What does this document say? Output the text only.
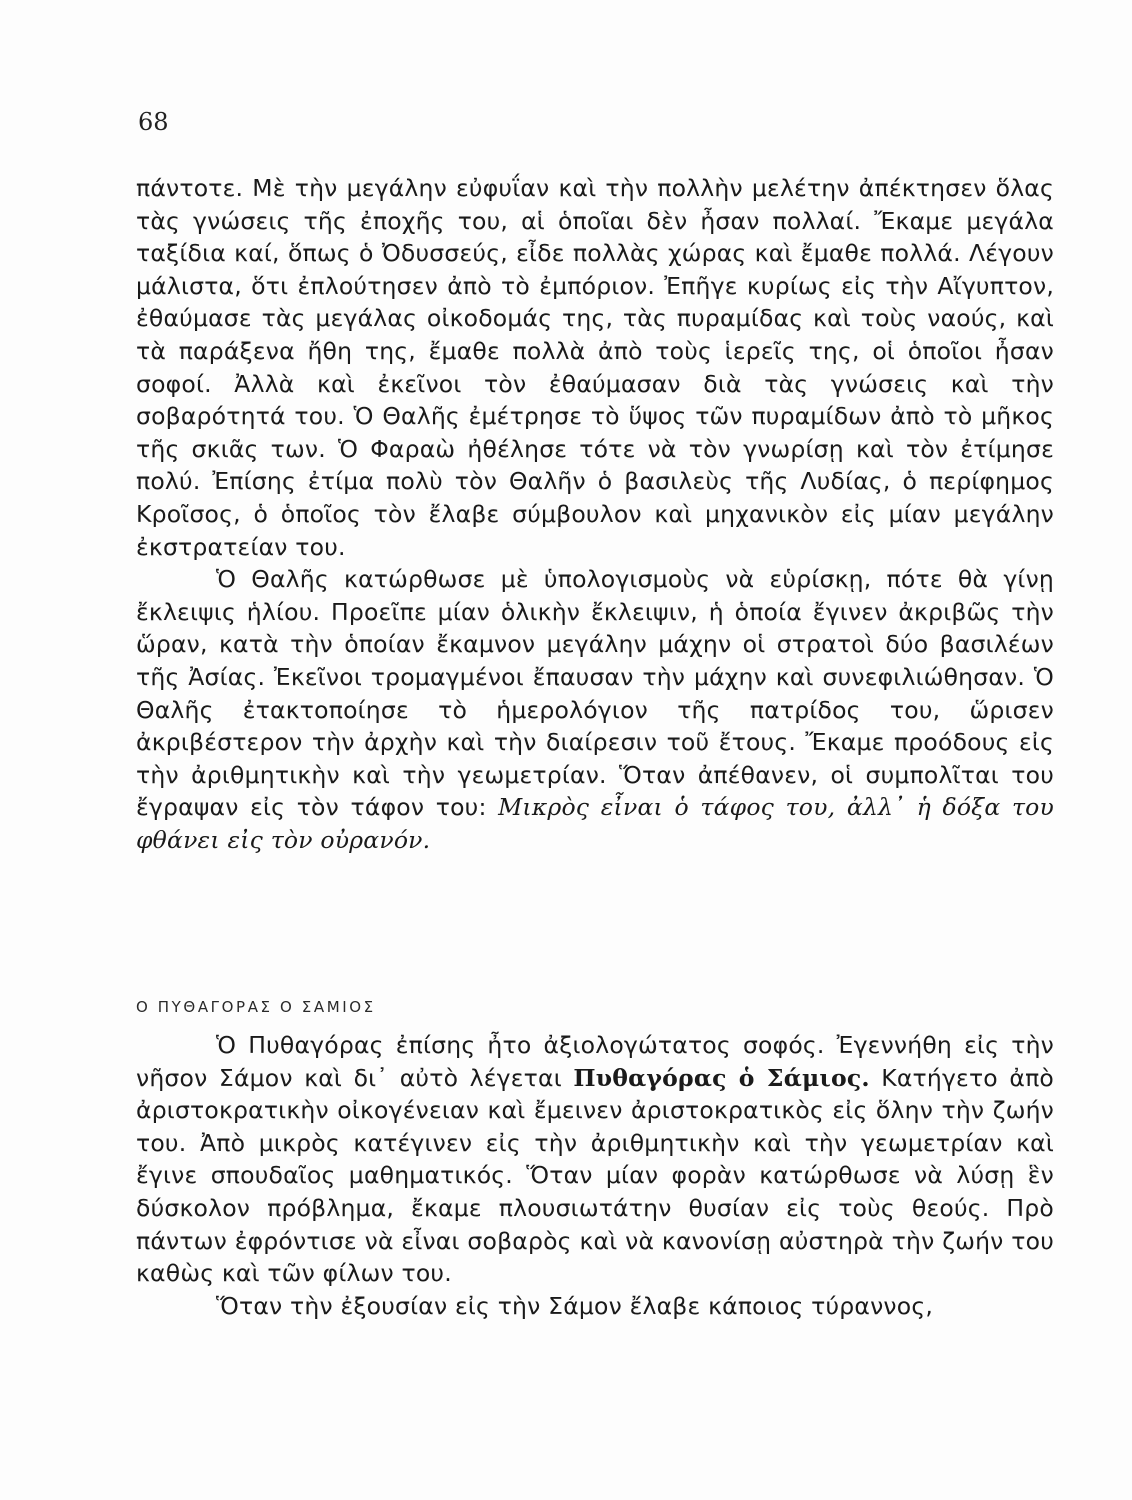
68

πάντοτε. Μὲ τὴν μεγάλην εὐφυΐαν καὶ τὴν πολλὴν μελέτην ἀπέκτησεν ὅλας τὰς γνώσεις τῆς ἐποχῆς του, αἱ ὁποῖαι δὲν ἦσαν πολλαί. Ἔκαμε μεγάλα ταξίδια καί, ὅπως ὁ Ὀδυσσεύς, εἶδε πολλὰς χώρας καὶ ἔμαθε πολλά. Λέγουν μάλιστα, ὅτι ἐπλούτησεν ἀπὸ τὸ ἐμπόριον. Ἐπῆγε κυρίως εἰς τὴν Αἴγυπτον, ἐθαύμασε τὰς μεγάλας οἰκοδομάς της, τὰς πυραμίδας καὶ τοὺς ναούς, καὶ τὰ παράξενα ἤθη της, ἔμαθε πολλὰ ἀπὸ τοὺς ἱερεῖς της, οἱ ὁποῖοι ἦσαν σοφοί. Ἀλλὰ καὶ ἐκεῖνοι τὸν ἐθαύμασαν διὰ τὰς γνώσεις καὶ τὴν σοβαρότητά του. Ὁ Θαλῆς ἐμέτρησε τὸ ὕψος τῶν πυραμίδων ἀπὸ τὸ μῆκος τῆς σκιᾶς των. Ὁ Φαραὼ ἠθέλησε τότε νὰ τὸν γνωρίσῃ καὶ τὸν ἐτίμησε πολύ. Ἐπίσης ἐτίμα πολὺ τὸν Θαλῆν ὁ βασιλεὺς τῆς Λυδίας, ὁ περίφημος Κροῖσος, ὁ ὁποῖος τὸν ἔλαβε σύμβουλον καὶ μηχανικὸν εἰς μίαν μεγάλην ἐκστρατείαν του.

Ὁ Θαλῆς κατώρθωσε μὲ ὑπολογισμοὺς νὰ εὑρίσκῃ, πότε θὰ γίνῃ ἔκλειψις ἡλίου. Προεῖπε μίαν ὁλικὴν ἔκλειψιν, ἡ ὁποία ἔγινεν ἀκριβῶς τὴν ὥραν, κατὰ τὴν ὁποίαν ἔκαμνον μεγάλην μάχην οἱ στρατοὶ δύο βασιλέων τῆς Ἀσίας. Ἐκεῖνοι τρομαγμένοι ἔπαυσαν τὴν μάχην καὶ συνεφιλιώθησαν. Ὁ Θαλῆς ἐτακτοποίησε τὸ ἡμερολόγιον τῆς πατρίδος του, ὥρισεν ἀκριβέστερον τὴν ἀρχὴν καὶ τὴν διαίρεσιν τοῦ ἔτους. Ἔκαμε προόδους εἰς τὴν ἀριθμητικὴν καὶ τὴν γεωμετρίαν. Ὅταν ἀπέθανεν, οἱ συμπολῖται του ἔγραψαν εἰς τὸν τάφον του: Μικρὸς εἶναι ὁ τάφος του, ἀλλ᾽ ἡ δόξα του φθάνει εἰς τὸν οὐρανόν.

Ο ΠΥΘΑΓΟΡΑΣ Ο ΣΑΜΙΟΣ

Ὁ Πυθαγόρας ἐπίσης ἦτο ἀξιολογώτατος σοφός. Ἐγεννήθη εἰς τὴν νῆσον Σάμον καὶ δι᾽ αὐτὸ λέγεται Πυθαγόρας ὁ Σάμιος. Κατήγετο ἀπὸ ἀριστοκρατικὴν οἰκογένειαν καὶ ἔμεινεν ἀριστοκρατικὸς εἰς ὅλην τὴν ζωήν του. Ἀπὸ μικρὸς κατέγινεν εἰς τὴν ἀριθμητικὴν καὶ τὴν γεωμετρίαν καὶ ἔγινε σπουδαῖος μαθηματικός. Ὅταν μίαν φορὰν κατώρθωσε νὰ λύσῃ ἓν δύσκολον πρόβλημα, ἔκαμε πλουσιωτάτην θυσίαν εἰς τοὺς θεούς. Πρὸ πάντων ἐφρόντισε νὰ εἶναι σοβαρὸς καὶ νὰ κανονίσῃ αὐστηρὰ τὴν ζωήν του καθὼς καὶ τῶν φίλων του.

Ὅταν τὴν ἐξουσίαν εἰς τὴν Σάμον ἔλαβε κάποιος τύραννος,
